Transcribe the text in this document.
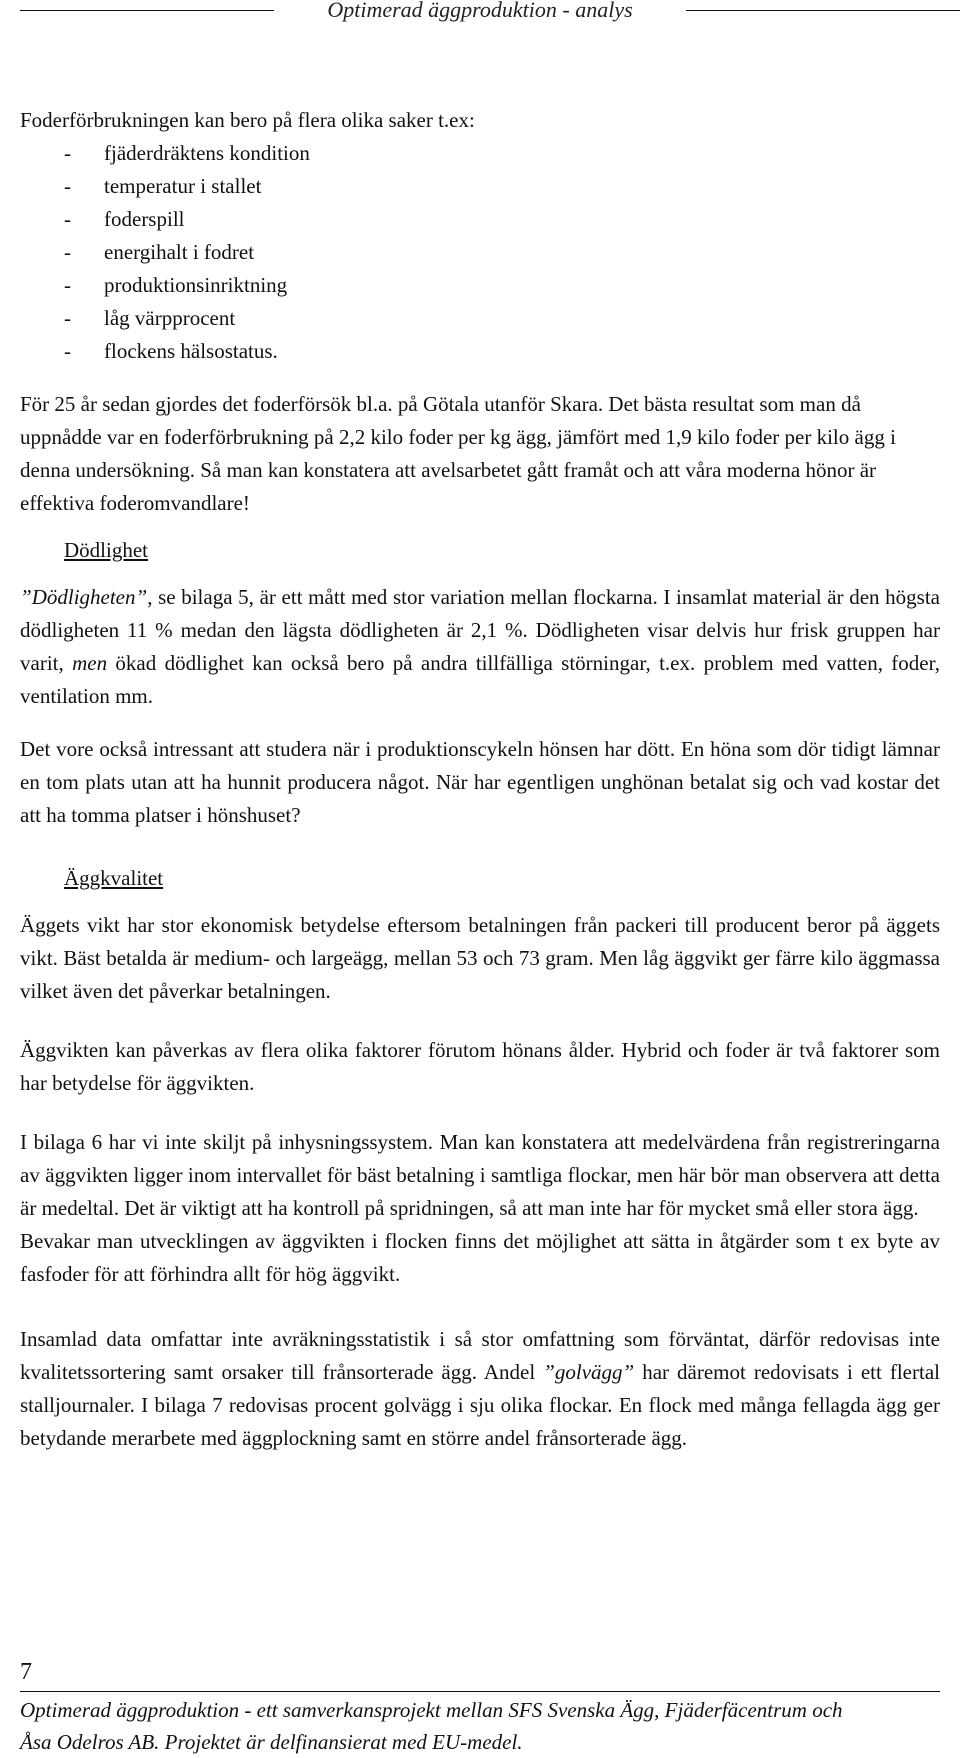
Optimerad äggproduktion - analys

Foderförbrukningen kan bero på flera olika saker t.ex:

- fjäderdräktens kondition
- temperatur i stallet
- foderspill
- energihalt i fodret
- produktionsinriktning
- låg värpprocent
- flockens hälsostatus.

För 25 år sedan gjordes det foderförsök bl.a. på Götala utanför Skara. Det bästa resultat som man då uppnådde var en foderförbrukning på 2,2 kilo foder per kg ägg, jämfört med 1,9 kilo foder per kilo ägg i denna undersökning. Så man kan konstatera att avelsarbetet gått framåt och att våra moderna hönor är effektiva foderomvandlare!

Dödlighet

”Dödligheten”, se bilaga 5, är ett mått med stor variation mellan flockarna. I insamlat material är den högsta dödligheten 11 % medan den lägsta dödligheten är 2,1 %. Dödligheten visar delvis hur frisk gruppen har varit, men ökad dödlighet kan också bero på andra tillfälliga störningar, t.ex. problem med vatten, foder, ventilation mm.

Det vore också intressant att studera när i produktionscykeln hönsen har dött. En höna som dör tidigt lämnar en tom plats utan att ha hunnit producera något. När har egentligen unghönan betalat sig och vad kostar det att ha tomma platser i hönshuset?

Äggkvalitet

Äggets vikt har stor ekonomisk betydelse eftersom betalningen från packeri till producent beror på äggets vikt. Bäst betalda är medium- och largeägg, mellan 53 och 73 gram. Men låg äggvikt ger färre kilo äggmassa vilket även det påverkar betalningen.

Äggvikten kan påverkas av flera olika faktorer förutom hönans ålder. Hybrid och foder är två faktorer som har betydelse för äggvikten.

I bilaga 6 har vi inte skiljt på inhysningssystem. Man kan konstatera att medelvärdena från registreringarna av äggvikten ligger inom intervallet för bäst betalning i samtliga flockar, men här bör man observera att detta är medeltal. Det är viktigt att ha kontroll på spridningen, så att man inte har för mycket små eller stora ägg.

Bevakar man utvecklingen av äggvikten i flocken finns det möjlighet att sätta in åtgärder som t ex byte av fasfoder för att förhindra allt för hög äggvikt.

Insamlad data omfattar inte avräkningsstatistik i så stor omfattning som förväntat, därför redovisas inte kvalitetssortering samt orsaker till frånsorterade ägg. Andel ”golvägg” har däremot redovisats i ett flertal stalljournaler. I bilaga 7 redovisas procent golvägg i sju olika flockar. En flock med många fellagda ägg ger betydande merarbete med äggplockning samt en större andel frånsorterade ägg.

7
Optimerad äggproduktion - ett samverkansprojekt mellan SFS Svenska Ägg, Fjäderfäcentrum och
Åsa Odelros AB. Projektet är delfinansierat med EU-medel.
